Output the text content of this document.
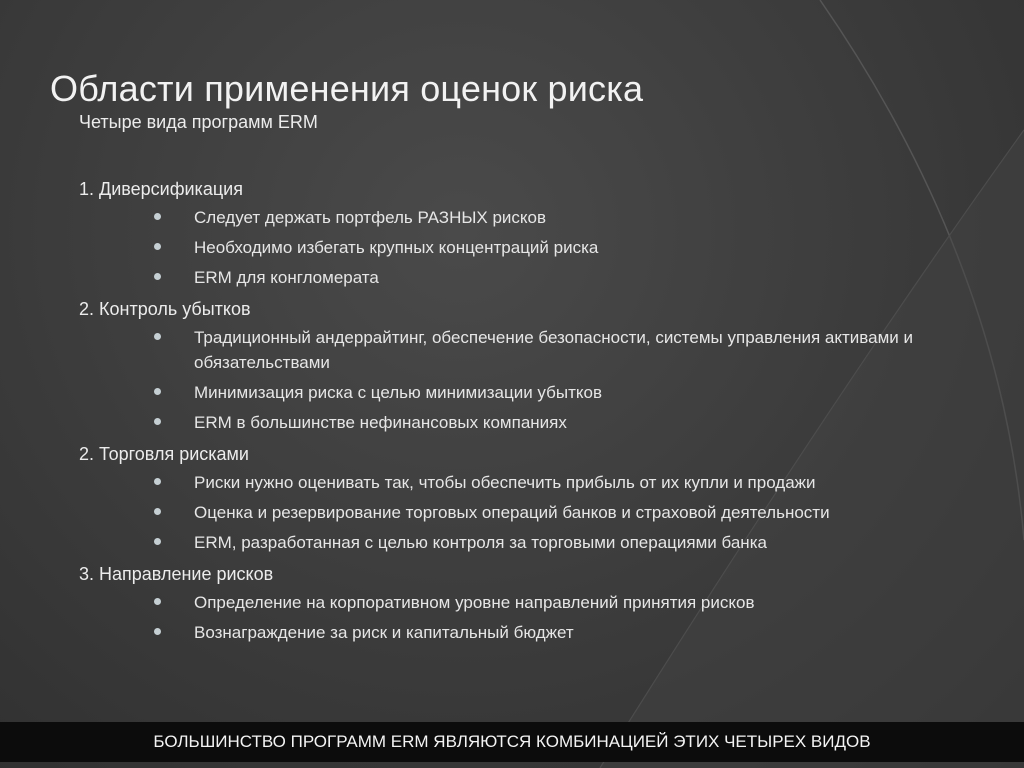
Области применения оценок риска

Четыре вида программ ERM

1. Диверсификация

Следует держать портфель РАЗНЫХ рисков
Необходимо избегать крупных концентраций риска
ERM для конгломерата

2. Контроль убытков

Традиционный андеррайтинг, обеспечение безопасности, системы управления активами и обязательствами
Минимизация риска с целью минимизации убытков
ERM в большинстве нефинансовых компаниях

2. Торговля рисками

Риски нужно оценивать так, чтобы обеспечить прибыль от их купли и продажи
Оценка и резервирование торговых операций банков и страховой деятельности
ERM, разработанная с целью контроля за торговыми операциями банка

3. Направление рисков

Определение на корпоративном уровне направлений принятия рисков
Вознаграждение за риск и капитальный бюджет
БОЛЬШИНСТВО ПРОГРАММ ERM ЯВЛЯЮТСЯ КОМБИНАЦИЕЙ ЭТИХ ЧЕТЫРЕХ ВИДОВ
